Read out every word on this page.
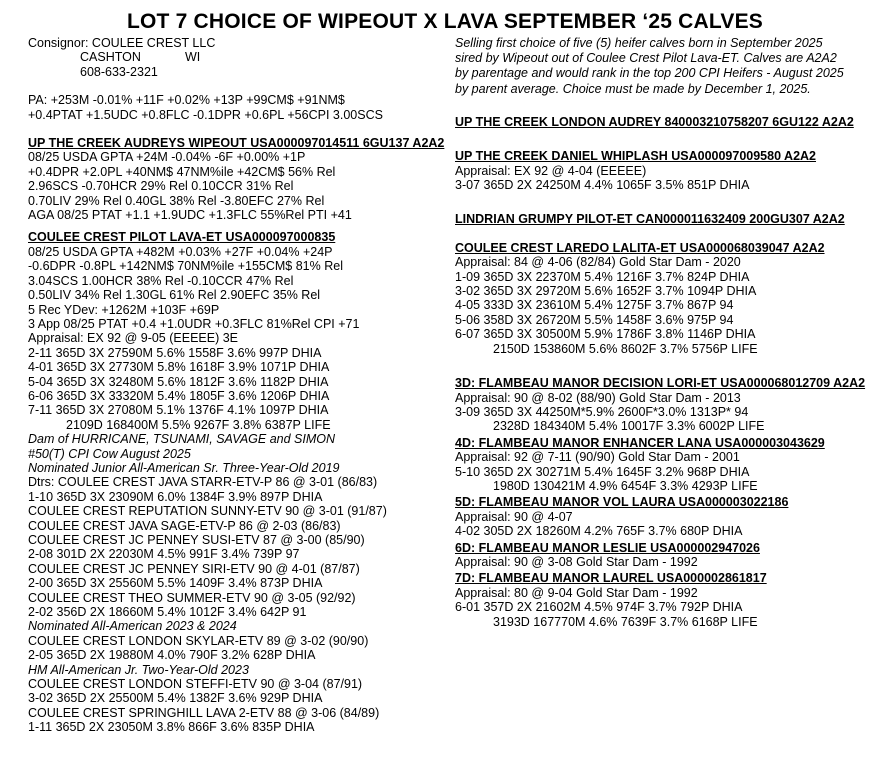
LOT 7 CHOICE OF WIPEOUT X LAVA SEPTEMBER ‘25 CALVES
Consignor: COULEE CREST LLC
CASHTON	WI
608-633-2321
PA: +253M -0.01% +11F +0.02% +13P +99CM$ +91NM$
+0.4PTAT +1.5UDC +0.8FLC -0.1DPR +0.6PL +56CPI 3.00SCS
UP THE CREEK AUDREYS WIPEOUT USA000097014511 6GU137 A2A2
08/25 USDA GPTA +24M -0.04% -6F +0.00% +1P
+0.4DPR +2.0PL +40NM$ 47NM%ile +42CM$ 56% Rel
2.96SCS -0.70HCR 29% Rel 0.10CCR 31% Rel
0.70LIV 29% Rel 0.40GL 38% Rel -3.80EFC 27% Rel
AGA 08/25 PTAT +1.1 +1.9UDC +1.3FLC 55%Rel PTI +41
COULEE CREST PILOT LAVA-ET USA000097000835
08/25 USDA GPTA +482M +0.03% +27F +0.04% +24P
-0.6DPR -0.8PL +142NM$ 70NM%ile +155CM$ 81% Rel
3.04SCS 1.00HCR 38% Rel -0.10CCR 47% Rel
0.50LIV 34% Rel 1.30GL 61% Rel 2.90EFC 35% Rel
5 Rec YDev: +1262M +103F +69P
3 App 08/25 PTAT +0.4 +1.0UDR +0.3FLC 81%Rel CPI +71
Appraisal: EX 92 @ 9-05 (EEEEE) 3E
2-11 365D 3X 27590M 5.6% 1558F 3.6% 997P DHIA
4-01 365D 3X 27730M 5.8% 1618F 3.9% 1071P DHIA
5-04 365D 3X 32480M 5.6% 1812F 3.6% 1182P DHIA
6-06 365D 3X 33320M 5.4% 1805F 3.6% 1206P DHIA
7-11 365D 3X 27080M 5.1% 1376F 4.1% 1097P DHIA
2109D 168400M 5.5% 9267F 3.8% 6387P LIFE
Dam of HURRICANE, TSUNAMI, SAVAGE and SIMON
#50(T) CPI Cow August 2025
Nominated Junior All-American Sr. Three-Year-Old 2019
Dtrs: COULEE CREST JAVA STARR-ETV-P 86 @ 3-01 (86/83)
1-10 365D 3X 23090M 6.0% 1384F 3.9% 897P DHIA
COULEE CREST REPUTATION SUNNY-ETV 90 @ 3-01 (91/87)
COULEE CREST JAVA SAGE-ETV-P 86 @ 2-03 (86/83)
COULEE CREST JC PENNEY SUSI-ETV 87 @ 3-00 (85/90)
2-08 301D 2X 22030M 4.5% 991F 3.4% 739P 97
COULEE CREST JC PENNEY SIRI-ETV 90 @ 4-01 (87/87)
2-00 365D 3X 25560M 5.5% 1409F 3.4% 873P DHIA
COULEE CREST THEO SUMMER-ETV 90 @ 3-05 (92/92)
2-02 356D 2X 18660M 5.4% 1012F 3.4% 642P 91
Nominated All-American 2023 & 2024
COULEE CREST LONDON SKYLAR-ETV 89 @ 3-02 (90/90)
2-05 365D 2X 19880M 4.0% 790F 3.2% 628P DHIA
HM All-American Jr. Two-Year-Old 2023
COULEE CREST LONDON STEFFI-ETV 90 @ 3-04 (87/91)
3-02 365D 2X 25500M 5.4% 1382F 3.6% 929P DHIA
COULEE CREST SPRINGHILL LAVA 2-ETV 88 @ 3-06 (84/89)
1-11 365D 2X 23050M 3.8% 866F 3.6% 835P DHIA
Selling first choice of five (5) heifer calves born in September 2025
sired by Wipeout out of Coulee Crest Pilot Lava-ET. Calves are A2A2
by parentage and would rank in the top 200 CPI Heifers - August 2025
by parent average. Choice must be made by December 1, 2025.
UP THE CREEK LONDON AUDREY 840003210758207 6GU122 A2A2
UP THE CREEK DANIEL WHIPLASH USA000097009580 A2A2
Appraisal: EX 92 @ 4-04 (EEEEE)
3-07 365D 2X 24250M 4.4% 1065F 3.5% 851P DHIA
LINDRIAN GRUMPY PILOT-ET CAN000011632409 200GU307 A2A2
COULEE CREST LAREDO LALITA-ET USA000068039047 A2A2
Appraisal: 84 @ 4-06 (82/84) Gold Star Dam - 2020
1-09 365D 3X 22370M 5.4% 1216F 3.7% 824P DHIA
3-02 365D 3X 29720M 5.6% 1652F 3.7% 1094P DHIA
4-05 333D 3X 23610M 5.4% 1275F 3.7% 867P 94
5-06 358D 3X 26720M 5.5% 1458F 3.6% 975P 94
6-07 365D 3X 30500M 5.9% 1786F 3.8% 1146P DHIA
2150D 153860M 5.6% 8602F 3.7% 5756P LIFE
3D: FLAMBEAU MANOR DECISION LORI-ET USA000068012709 A2A2
Appraisal: 90 @ 8-02 (88/90) Gold Star Dam - 2013
3-09 365D 3X 44250M*5.9% 2600F*3.0% 1313P* 94
2328D 184340M 5.4% 10017F 3.3% 6002P LIFE
4D: FLAMBEAU MANOR ENHANCER LANA USA000003043629
Appraisal: 92 @ 7-11 (90/90) Gold Star Dam - 2001
5-10 365D 2X 30271M 5.4% 1645F 3.2% 968P DHIA
1980D 130421M 4.9% 6454F 3.3% 4293P LIFE
5D: FLAMBEAU MANOR VOL LAURA USA000003022186
Appraisal: 90 @ 4-07
4-02 305D 2X 18260M 4.2% 765F 3.7% 680P DHIA
6D: FLAMBEAU MANOR LESLIE USA000002947026
Appraisal: 90 @ 3-08 Gold Star Dam - 1992
7D: FLAMBEAU MANOR LAUREL USA000002861817
Appraisal: 80 @ 9-04 Gold Star Dam - 1992
6-01 357D 2X 21602M 4.5% 974F 3.7% 792P DHIA
3193D 167770M 4.6% 7639F 3.7% 6168P LIFE
